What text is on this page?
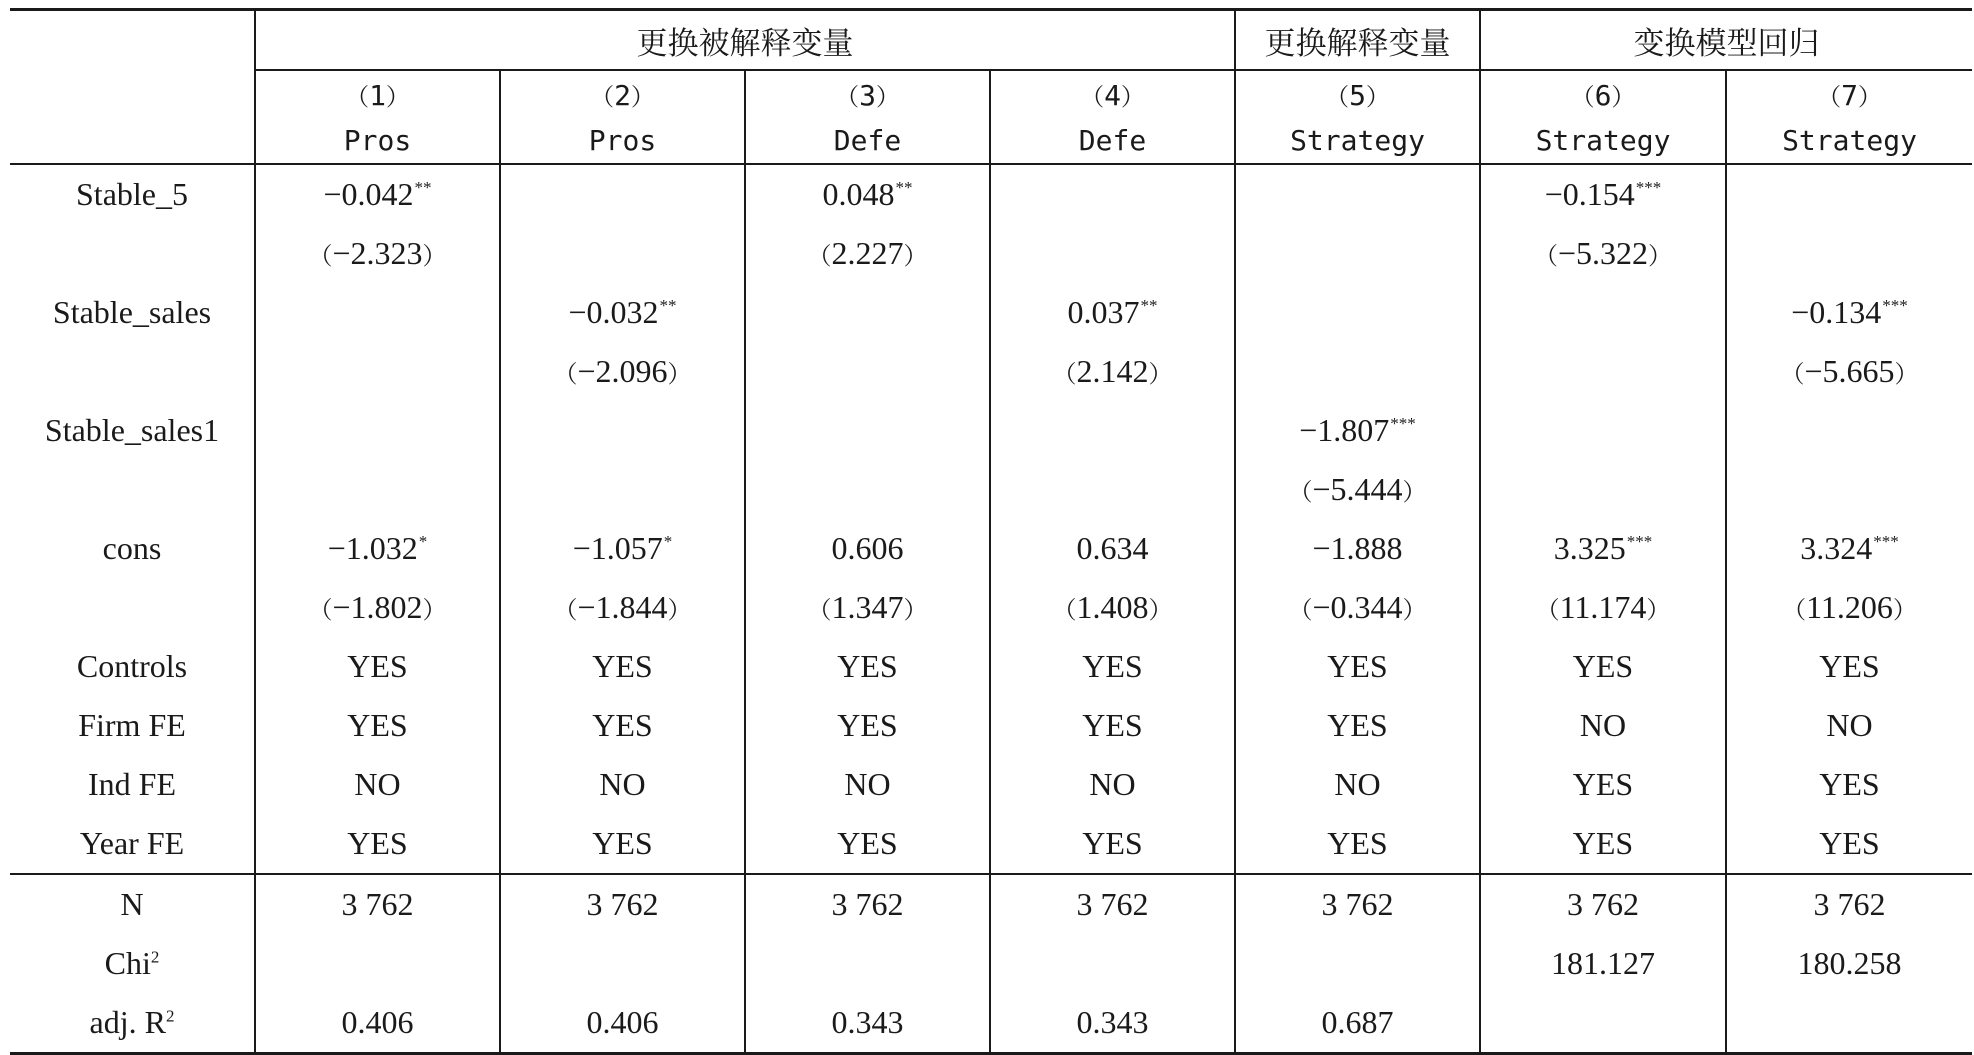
	更换被解释变量				更换解释变量	变换模型回归	
	（ 1 ）	（ 2 ）	（ 3 ）	（ 4 ）	（ 5 ）	（ 6 ）	（ 7 ）
	Pros	Pros	Defe	Defe	Strategy	Strategy	Strategy
Stable_5	−0.042**		0.048**			−0.154***	
	（ −2.323 ）		（ 2.227 ）			（ −5.322 ）	
Stable_sales		−0.032**		0.037**			−0.134***
		（ −2.096 ）		（ 2.142 ）			（ −5.665 ）
Stable_sales1					−1.807***		
					（ −5.444 ）		
cons	−1.032*	−1.057*	0.606	0.634	−1.888	3.325***	3.324***
	（ −1.802 ）	（ −1.844 ）	（ 1.347 ）	（ 1.408 ）	（ −0.344 ）	（ 11.174 ）	（ 11.206 ）
Controls	YES	YES	YES	YES	YES	YES	YES
Firm FE	YES	YES	YES	YES	YES	NO	NO
Ind FE	NO	NO	NO	NO	NO	YES	YES
Year FE	YES	YES	YES	YES	YES	YES	YES
N	3 762	3 762	3 762	3 762	3 762	3 762	3 762
Chi$^2$						181.127	180.258
adj. $R^2$	0.406	0.406	0.343	0.343	0.687		
